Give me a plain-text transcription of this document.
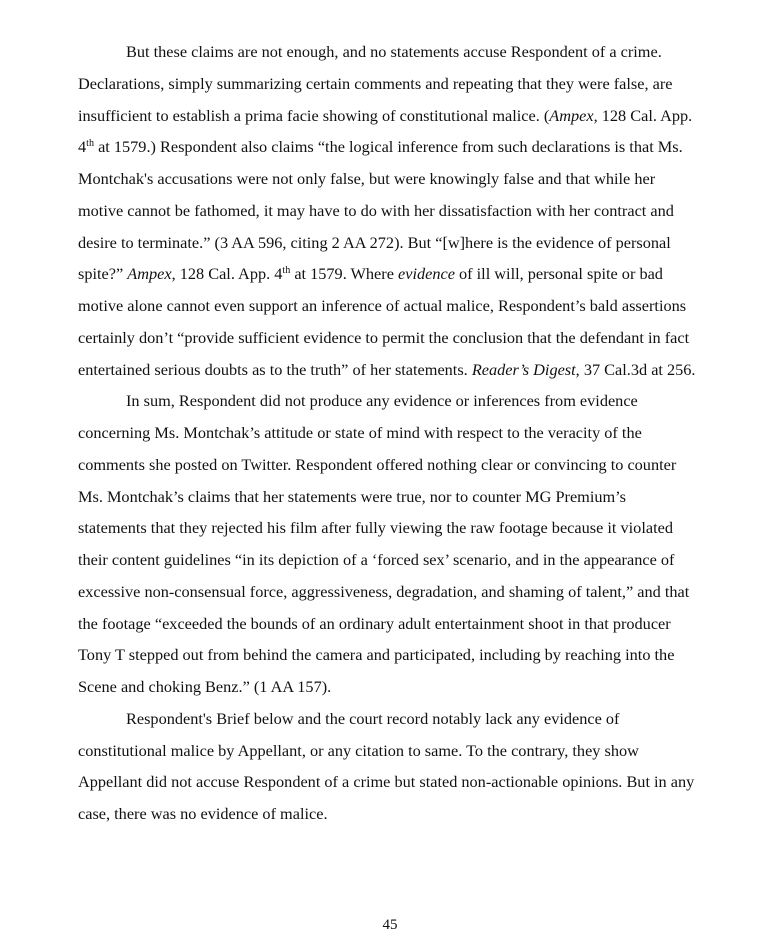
But these claims are not enough, and no statements accuse Respondent of a crime. Declarations, simply summarizing certain comments and repeating that they were false, are insufficient to establish a prima facie showing of constitutional malice. (Ampex, 128 Cal. App. 4th at 1579.) Respondent also claims “the logical inference from such declarations is that Ms. Montchak's accusations were not only false, but were knowingly false and that while her motive cannot be fathomed, it may have to do with her dissatisfaction with her contract and desire to terminate.” (3 AA 596, citing 2 AA 272). But “[w]here is the evidence of personal spite?” Ampex, 128 Cal. App. 4th at 1579. Where evidence of ill will, personal spite or bad motive alone cannot even support an inference of actual malice, Respondent’s bald assertions certainly don’t “provide sufficient evidence to permit the conclusion that the defendant in fact entertained serious doubts as to the truth” of her statements. Reader’s Digest, 37 Cal.3d at 256.

In sum, Respondent did not produce any evidence or inferences from evidence concerning Ms. Montchak’s attitude or state of mind with respect to the veracity of the comments she posted on Twitter. Respondent offered nothing clear or convincing to counter Ms. Montchak’s claims that her statements were true, nor to counter MG Premium’s statements that they rejected his film after fully viewing the raw footage because it violated their content guidelines “in its depiction of a ‘forced sex’ scenario, and in the appearance of excessive non-consensual force, aggressiveness, degradation, and shaming of talent,” and that the footage “exceeded the bounds of an ordinary adult entertainment shoot in that producer Tony T stepped out from behind the camera and participated, including by reaching into the Scene and choking Benz.” (1 AA 157).

Respondent's Brief below and the court record notably lack any evidence of constitutional malice by Appellant, or any citation to same. To the contrary, they show Appellant did not accuse Respondent of a crime but stated non-actionable opinions. But in any case, there was no evidence of malice.

45
